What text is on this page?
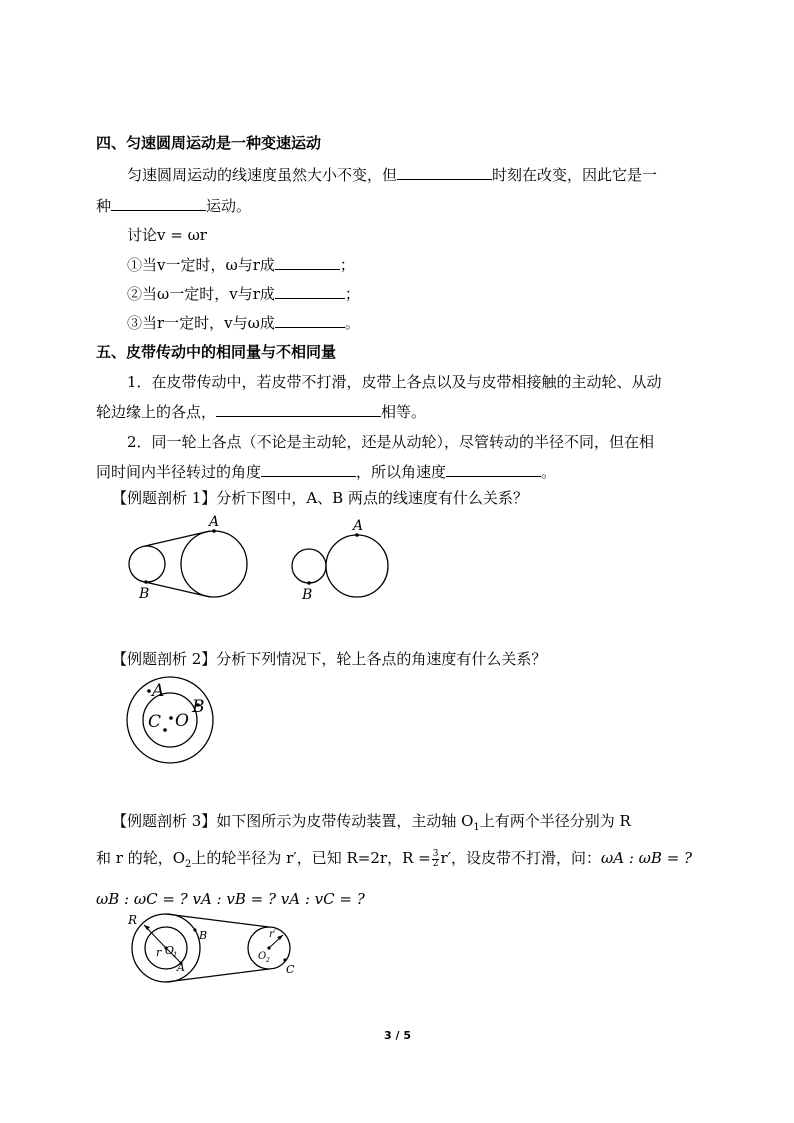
四、匀速圆周运动是一种变速运动
匀速圆周运动的线速度虽然大小不变，但	时刻在改变，因此它是一
种	运动。
讨论v = ωr
①当v一定时，ω与r成	；
②当ω一定时，v与r成	；
③当r一定时，v与ω成	。
五、皮带传动中的相同量与不相同量
1．在皮带传动中，若皮带不打滑，皮带上各点以及与皮带相接触的主动轮、从动
轮边缘上的各点，	相等。
2．同一轮上各点（不论是主动轮，还是从动轮），尽管转动的半径不同，但在相
同时间内半径转过的角度	，所以角速度	。
【例题剖析 1】分析下图中，A、B 两点的线速度有什么关系？
A
B
A
B
【例题剖析 2】分析下列情况下，轮上各点的角速度有什么关系？
A
B
C O
【例题剖析 3】如下图所示为皮带传动装置，主动轴 $O_1$上有两个半径分别为 R
和 r 的轮，$O_2$上的轮半径为 r′，已知 R=2r，$R = \frac{3}{2} r'$，设皮带不打滑，问：ωA : ωB = ?
ωB : ωC = ? vA : vB = ? vA : vC = ?
R
r O
1
A
B	r′
O 2
C
3 / 5
